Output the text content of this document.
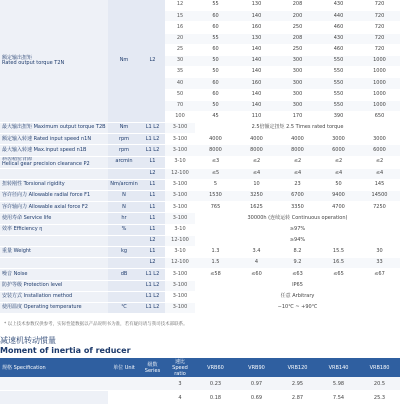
额定输出扭矩
Rated output torque T2N	Nm	L2	12	55	130	208	430	720
			15	60	140	200	440	720
			16	60	160	250	460	720
			20	55	130	208	430	720
			25	60	140	250	460	720
			30	50	140	300	550	1000
			35	50	140	300	550	1000
			40	60	160	300	550	1000
			50	60	140	300	550	1000
			70	50	140	300	550	1000
			100	45	110	170	390	650
最大输出扭矩 Maximum output torque T2B	Nm	L1 L2	3-100	2.5倍额定扭矩 2.5 Times rated torque				
额定输入转速 Rated input speed n1N	rpm	L1 L2	3-100	4000	4000	4000	3000	3000
最大输入转速 Max.input speed n1B	rpm	L1 L2	3-100	8000	8000	8000	6000	6000
斜齿精密背隙
Helical gear precision clearance P2	arcmin	L1	3-10	≤3	≤2	≤2	≤2	≤2
		L2	12-100	≤5	≤4	≤4	≤4	≤4
扭转刚性 Torsional rigidity	Nm/arcmin	L1	3-100	5	10	23	50	145
容许径向力 Allowable radial force F1	N	L1	3-100	1530	3250	6700	9400	14500
容许轴向力 Allowable axial force F2	N	L1	3-100	765	1625	3350	4700	7250
使用寿命 Service life	hr	L1	3-100	30000h (连续运转 Continuous operation)				
效率 Efficiency η	%	L1	3-10	≥97%				
		L2	12-100	≥94%				
重量 Weight	kg	L1	3-10	1.3	3.4	8.2	15.5	30
		L2	12-100	1.5	4	9.2	16.5	33
噪音 Noise	dB	L1 L2	3-100	≤58	≤60	≤63	≤65	≤67
防护等级 Protection level		L1 L2	3-100	IP65				
安装方式 Installation method		L1 L2	3-100	任意 Arbitrary				
使用温度 Operating temperature	℃	L1 L2	3-100	−10℃ ~ +90℃				
* 以上技术参数仅供参考，实际性能数据以产品说明书为准，若有疑问请与我司技术部联系。
减速机转动惯量
Moment of inertia of reducer
规格 Specification	单位 Unit	级数 Series	速比 Speed ratio	VRB60	VRB90	VRB120	VRB140	VRB180
			3	0.23	0.97	2.95	5.98	20.5
			4	0.18	0.69	2.87	7.54	25.3
